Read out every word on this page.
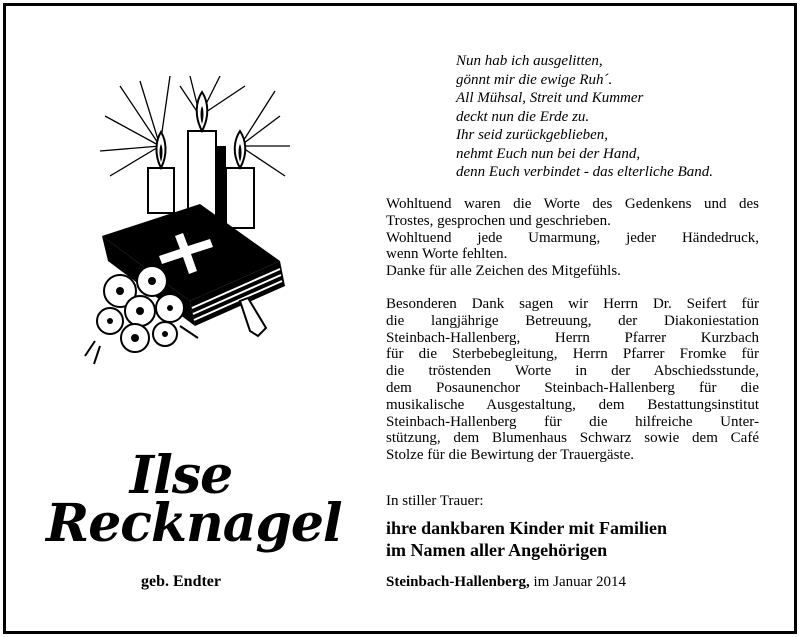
Ilse
Recknagel
geb. Endter
Nun hab ich ausgelitten,
gönnt mir die ewige Ruh´.
All Mühsal, Streit und Kummer
deckt nun die Erde zu.
Ihr seid zurückgeblieben,
nehmt Euch nun bei der Hand,
denn Euch verbindet - das elterliche Band.
Wohltuend waren die Worte des Gedenkens und des
Trostes, gesprochen und geschrieben.
Wohltuend jede Umarmung, jeder Händedruck,
wenn Worte fehlten.
Danke für alle Zeichen des Mitgefühls.
Besonderen Dank sagen wir Herrn Dr. Seifert für
die langjährige Betreuung, der Diakoniestation
Steinbach-Hallenberg, Herrn Pfarrer Kurzbach
für die Sterbebegleitung, Herrn Pfarrer Fromke für
die tröstenden Worte in der Abschiedsstunde,
dem Posaunenchor Steinbach-Hallenberg für die
musikalische Ausgestaltung, dem Bestattungsinstitut
Steinbach-Hallenberg für die hilfreiche Unter-
stützung, dem Blumenhaus Schwarz sowie dem Café
Stolze für die Bewirtung der Trauergäste.
In stiller Trauer:
ihre dankbaren Kinder mit Familien
im Namen aller Angehörigen
Steinbach-Hallenberg, im Januar 2014
